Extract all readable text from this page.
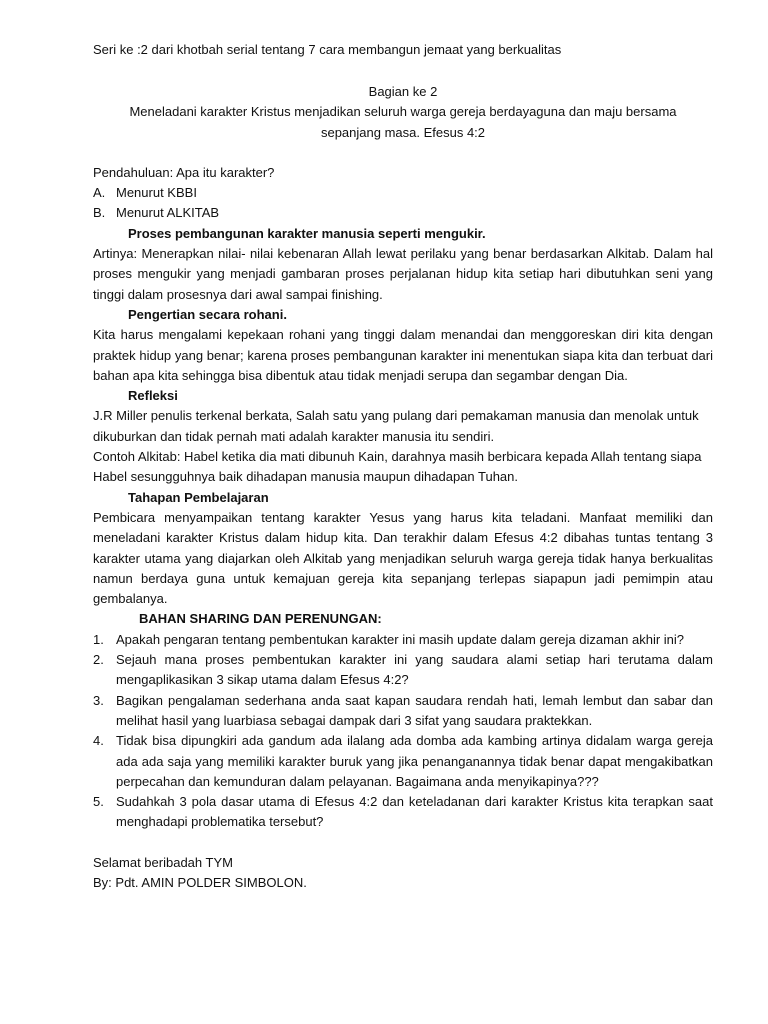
Seri ke :2 dari khotbah serial tentang 7 cara membangun jemaat yang berkualitas

Bagian ke 2

Meneladani karakter Kristus menjadikan seluruh warga gereja berdayaguna dan maju bersama

sepanjang masa. Efesus 4:2

Pendahuluan: Apa itu karakter?

A. Menurut KBBI
B. Menurut ALKITAB

Proses pembangunan karakter manusia seperti mengukir.

Artinya: Menerapkan nilai- nilai kebenaran Allah lewat perilaku yang benar berdasarkan Alkitab. Dalam hal proses mengukir yang menjadi gambaran proses perjalanan hidup kita setiap hari dibutuhkan seni yang tinggi dalam prosesnya dari awal sampai finishing.

Pengertian secara rohani.

Kita harus mengalami kepekaan rohani yang tinggi dalam menandai dan menggoreskan diri kita dengan praktek hidup yang benar; karena proses pembangunan karakter ini menentukan siapa kita dan terbuat dari bahan apa kita sehingga bisa dibentuk atau tidak menjadi serupa dan segambar dengan Dia.

Refleksi

J.R Miller penulis terkenal berkata, Salah satu yang pulang dari pemakaman manusia dan menolak untuk dikuburkan dan tidak pernah mati adalah karakter manusia itu sendiri.

Contoh Alkitab: Habel ketika dia mati dibunuh Kain, darahnya masih berbicara kepada Allah tentang siapa Habel sesungguhnya baik dihadapan manusia maupun dihadapan Tuhan.

Tahapan Pembelajaran

Pembicara menyampaikan tentang karakter Yesus yang harus kita teladani. Manfaat memiliki dan meneladani karakter Kristus dalam hidup kita. Dan terakhir dalam Efesus 4:2 dibahas tuntas tentang 3 karakter utama yang diajarkan oleh Alkitab yang menjadikan seluruh warga gereja tidak hanya berkualitas namun berdaya guna untuk kemajuan gereja kita sepanjang terlepas siapapun jadi pemimpin atau gembalanya.

BAHAN SHARING DAN PERENUNGAN:

1. Apakah pengaran tentang pembentukan karakter ini masih update dalam gereja dizaman akhir ini?
2. Sejauh mana proses pembentukan karakter ini yang saudara alami setiap hari terutama dalam mengaplikasikan 3 sikap utama dalam Efesus 4:2?
3. Bagikan pengalaman sederhana anda saat kapan saudara rendah hati, lemah lembut dan sabar dan melihat hasil yang luarbiasa sebagai dampak dari 3 sifat yang saudara praktekkan.
4. Tidak bisa dipungkiri ada gandum ada ilalang ada domba ada kambing artinya didalam warga gereja ada ada saja yang memiliki karakter buruk yang jika penanganannya tidak benar dapat mengakibatkan perpecahan dan kemunduran dalam pelayanan. Bagaimana anda menyikapinya???
5. Sudahkah 3 pola dasar utama di Efesus 4:2 dan keteladanan dari karakter Kristus kita terapkan saat menghadapi problematika tersebut?

Selamat beribadah TYM

By: Pdt. AMIN POLDER SIMBOLON.
